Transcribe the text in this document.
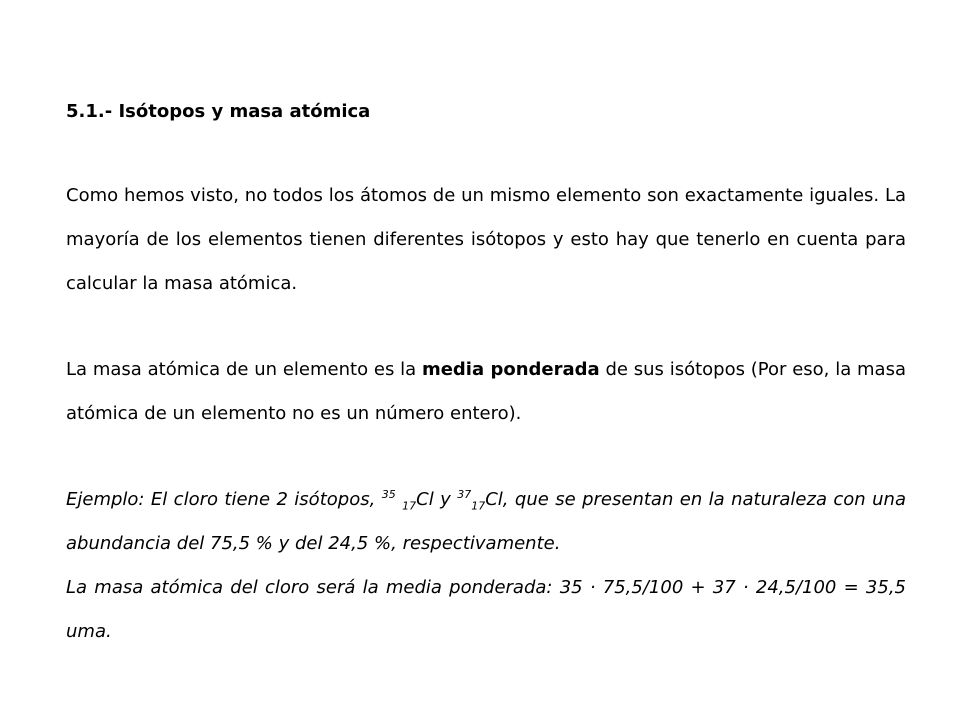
5.1.- Isótopos y masa atómica

Como hemos visto, no todos los átomos de un mismo elemento son exactamente iguales. La mayoría de los elementos tienen diferentes isótopos y esto hay que tenerlo en cuenta para calcular la masa atómica.

La masa atómica de un elemento es la media ponderada de sus isótopos (Por eso, la masa atómica de un elemento no es un número entero).

Ejemplo: El cloro tiene 2 isótopos, $^{35}$ $_{17}$Cl y $^{37}_{17}$Cl, que se presentan en la naturaleza con una abundancia del 75,5 % y del 24,5 %, respectivamente.

La masa atómica del cloro será la media ponderada: 35 · 75,5/100 + 37 · 24,5/100 = 35,5 uma.
